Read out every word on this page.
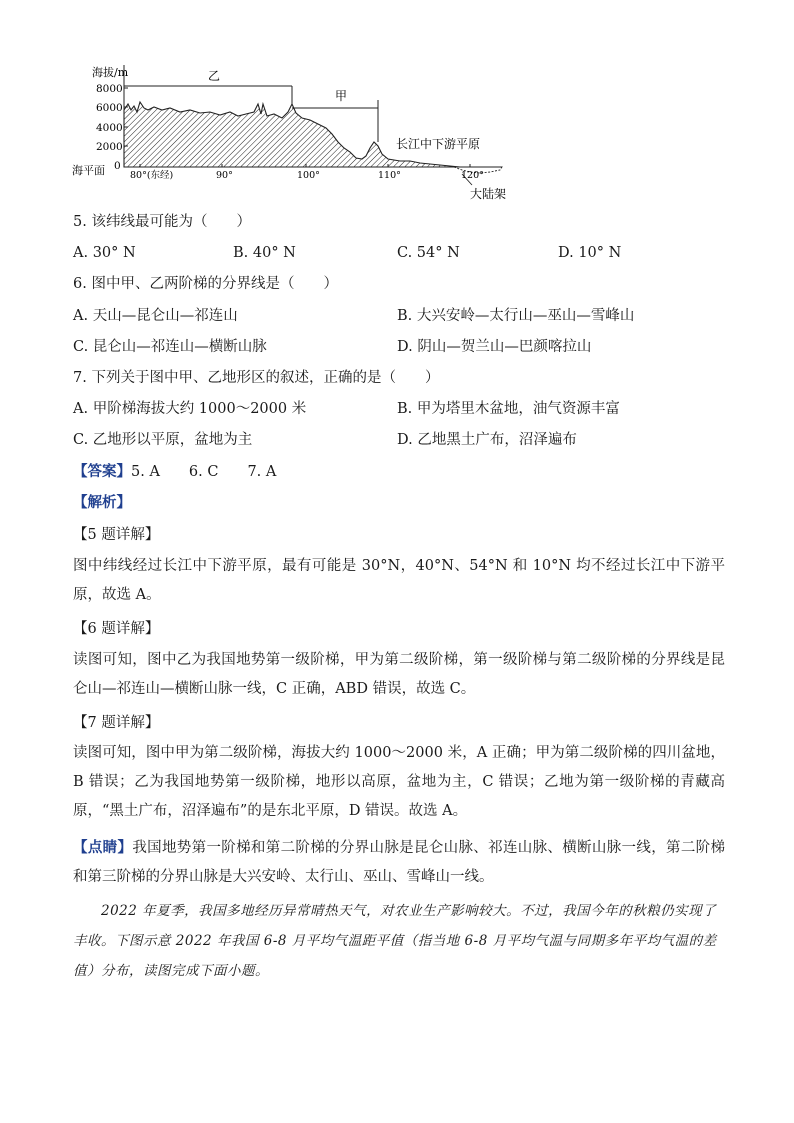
海拔/m
8000
6000
4000
2000
0
海平面
乙
甲
长江中下游平原
80°(东经)	90°	100°	110°	120°
大陆架
5. 该纬线最可能为（　　）
A. 30° N	B. 40° N	C. 54° N	D. 10° N
6. 图中甲、乙两阶梯的分界线是（　　）
A. 天山—昆仑山—祁连山	B. 大兴安岭—太行山—巫山—雪峰山
C. 昆仑山—祁连山—横断山脉	D. 阴山—贺兰山—巴颜喀拉山
7. 下列关于图中甲、乙地形区的叙述，正确的是（　　）
A. 甲阶梯海拔大约 1000～2000 米	B. 甲为塔里木盆地，油气资源丰富
C. 乙地形以平原，盆地为主	D. 乙地黑土广布，沼泽遍布
【答案】5. A　　6. C　　7. A
【解析】
【5 题详解】
图中纬线经过长江中下游平原，最有可能是 30°N，40°N、54°N 和 10°N 均不经过长江中下游平原，故选 A。
【6 题详解】
读图可知，图中乙为我国地势第一级阶梯，甲为第二级阶梯，第一级阶梯与第二级阶梯的分界线是昆仑山—祁连山—横断山脉一线，C 正确，ABD 错误，故选 C。
【7 题详解】
读图可知，图中甲为第二级阶梯，海拔大约 1000～2000 米，A 正确；甲为第二级阶梯的四川盆地，B 错误；乙为我国地势第一级阶梯，地形以高原，盆地为主，C 错误；乙地为第一级阶梯的青藏高原，“黑土广布，沼泽遍布”的是东北平原，D 错误。故选 A。
【点睛】我国地势第一阶梯和第二阶梯的分界山脉是昆仑山脉、祁连山脉、横断山脉一线，第二阶梯和第三阶梯的分界山脉是大兴安岭、太行山、巫山、雪峰山一线。
　　2022 年夏季，我国多地经历异常晴热天气，对农业生产影响较大。不过，我国今年的秋粮仍实现了丰收。下图示意 2022 年我国 6-8 月平均气温距平值（指当地 6-8 月平均气温与同期多年平均气温的差值）分布，读图完成下面小题。
